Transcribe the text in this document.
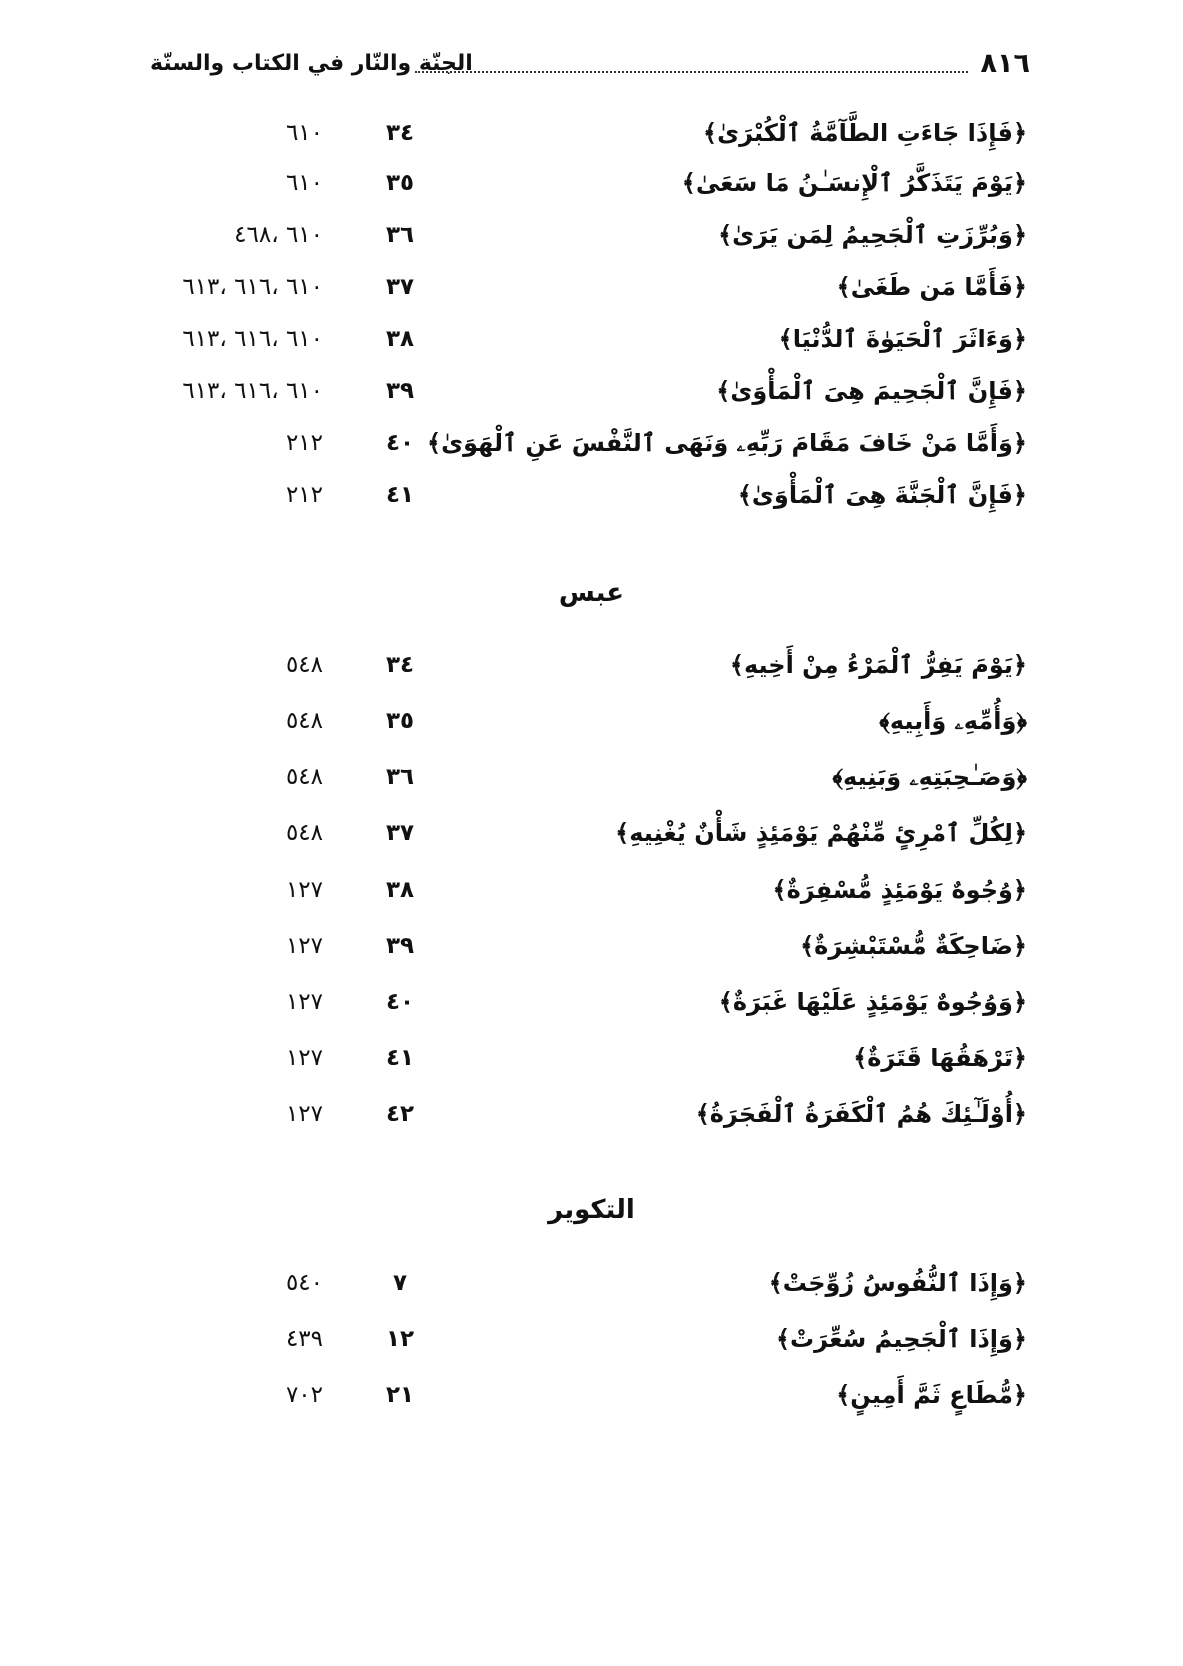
٨١٦
الجنّة والنّار في الكتاب والسنّة
﴿فَإِذَا جَاءَتِ الطَّآمَّةُ ٱلْكُبْرَىٰ﴾
٣٤
٦١٠
﴿يَوْمَ يَتَذَكَّرُ ٱلْإِنسَـٰنُ مَا سَعَىٰ﴾
٣٥
٦١٠
﴿وَبُرِّزَتِ ٱلْجَحِيمُ لِمَن يَرَىٰ﴾
٣٦
٦١٠ ،٤٦٨
﴿فَأَمَّا مَن طَغَىٰ﴾
٣٧
٦١٠ ،٦١٦ ،٦١٣
﴿وَءَاثَرَ ٱلْحَيَوٰةَ ٱلدُّنْيَا﴾
٣٨
٦١٠ ،٦١٦ ،٦١٣
﴿فَإِنَّ ٱلْجَحِيمَ هِىَ ٱلْمَأْوَىٰ﴾
٣٩
٦١٠ ،٦١٦ ،٦١٣
﴿وَأَمَّا مَنْ خَافَ مَقَامَ رَبِّهِۦ وَنَهَى ٱلنَّفْسَ عَنِ ٱلْهَوَىٰ﴾
٤٠
٢١٢
﴿فَإِنَّ ٱلْجَنَّةَ هِىَ ٱلْمَأْوَىٰ﴾
٤١
٢١٢
عبس
﴿يَوْمَ يَفِرُّ ٱلْمَرْءُ مِنْ أَخِيهِ﴾
٣٤
٥٤٨
﴿وَأُمِّهِۦ وَأَبِيهِ﴾
٣٥
٥٤٨
﴿وَصَـٰحِبَتِهِۦ وَبَنِيهِ﴾
٣٦
٥٤٨
﴿لِكُلِّ ٱمْرِئٍ مِّنْهُمْ يَوْمَئِذٍ شَأْنٌ يُغْنِيهِ﴾
٣٧
٥٤٨
﴿وُجُوهٌ يَوْمَئِذٍ مُّسْفِرَةٌ﴾
٣٨
١٢٧
﴿ضَاحِكَةٌ مُّسْتَبْشِرَةٌ﴾
٣٩
١٢٧
﴿وَوُجُوهٌ يَوْمَئِذٍ عَلَيْهَا غَبَرَةٌ﴾
٤٠
١٢٧
﴿تَرْهَقُهَا قَتَرَةٌ﴾
٤١
١٢٧
﴿أُوْلَـٰٓئِكَ هُمُ ٱلْكَفَرَةُ ٱلْفَجَرَةُ﴾
٤٢
١٢٧
التكوير
﴿وَإِذَا ٱلنُّفُوسُ زُوِّجَتْ﴾
٧
٥٤٠
﴿وَإِذَا ٱلْجَحِيمُ سُعِّرَتْ﴾
١٢
٤٣٩
﴿مُّطَاعٍ ثَمَّ أَمِينٍ﴾
٢١
٧٠٢
